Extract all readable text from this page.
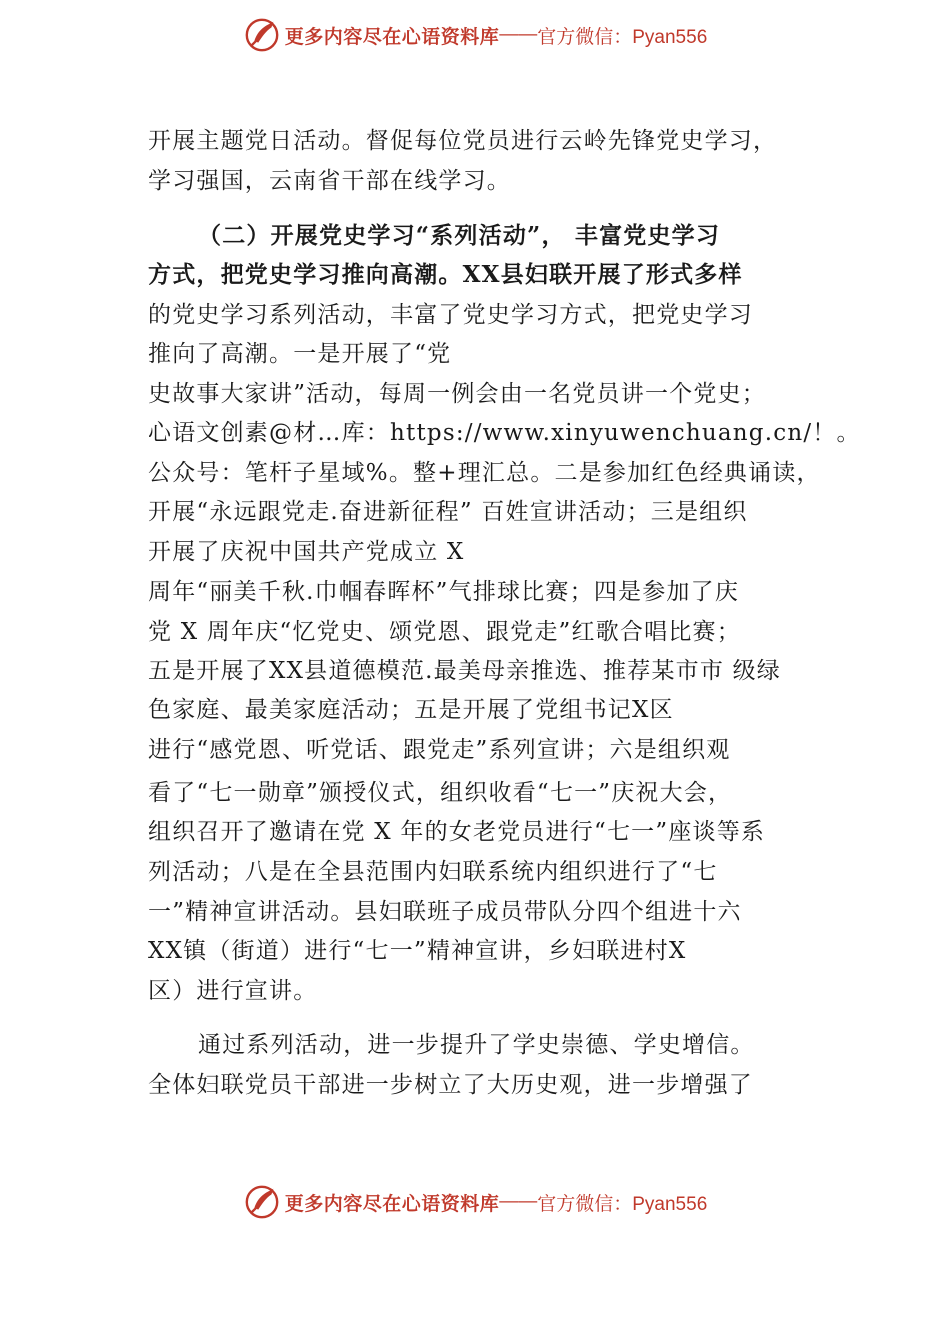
更多内容尽在心语资料库 —— 官方微信：Pyan556
开展主题党日活动。督促每位党员进行云岭先锋党史学习，
学习强国，云南省干部在线学习。
（二）开展党史学习“系列活动”， 丰富党史学习
方式，把党史学习推向高潮。XX县妇联开展了形式多样
的党史学习系列活动，丰富了党史学习方式，把党史学习
推向了高潮。一是开展了“党
史故事大家讲”活动，每周一例会由一名党员讲一个党史；
心语文创素@材…库：https://www.xinyuwenchuang.cn/！。
公众号：笔杆子星域%。整+理汇总。二是参加红色经典诵读，
开展“永远跟党走.奋进新征程” 百姓宣讲活动；三是组织
开展了庆祝中国共产党成立 X
周年“丽美千秋.巾帼春晖杯”气排球比赛；四是参加了庆
党 X 周年庆“忆党史、颂党恩、跟党走”红歌合唱比赛；
五是开展了XX县道德模范.最美母亲推选、推荐某市市 级绿
色家庭、最美家庭活动；五是开展了党组书记X区
进行“感党恩、听党话、跟党走”系列宣讲；六是组织观
看了“七一勋章”颁授仪式，组织收看“七一”庆祝大会，
组织召开了邀请在党 X 年的女老党员进行“七一”座谈等系
列活动；八是在全县范围内妇联系统内组织进行了“七
一”精神宣讲活动。县妇联班子成员带队分四个组进十六
XX镇（街道）进行“七一”精神宣讲，乡妇联进村X
区）进行宣讲。
通过系列活动，进一步提升了学史崇德、学史增信。
全体妇联党员干部进一步树立了大历史观，进一步增强了
更多内容尽在心语资料库 —— 官方微信：Pyan556
